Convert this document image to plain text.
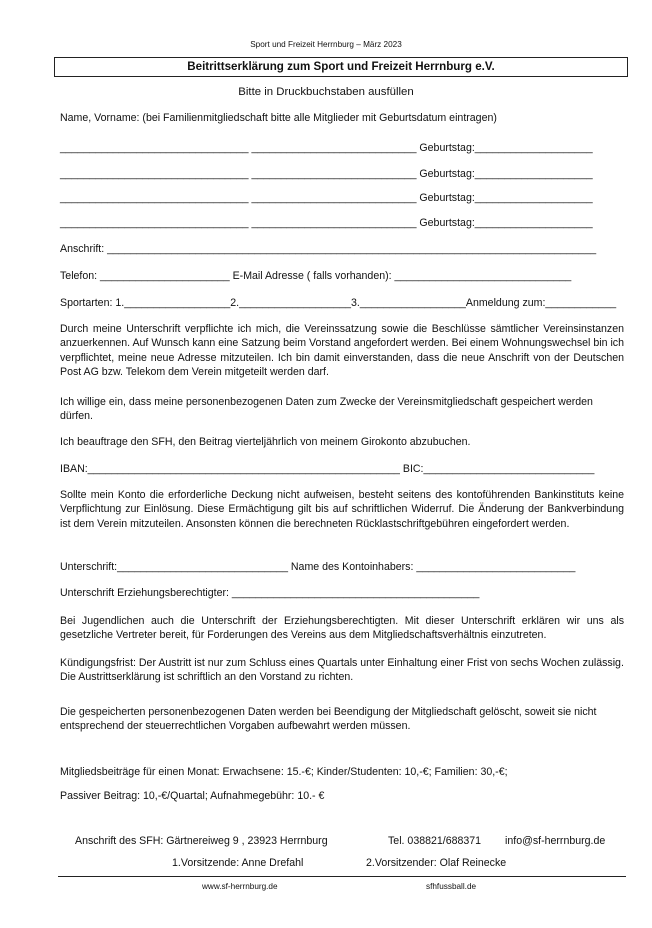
Sport und Freizeit Herrnburg – März 2023
Beitrittserklärung zum Sport und Freizeit Herrnburg e.V.
Bitte in Druckbuchstaben ausfüllen
Name, Vorname: (bei Familienmitgliedschaft bitte alle Mitglieder mit Geburtsdatum eintragen)
________________________________ ____________________________ Geburtstag:____________________
________________________________ ____________________________ Geburtstag:____________________
________________________________ ____________________________ Geburtstag:____________________
________________________________ ____________________________ Geburtstag:____________________
Anschrift: ___________________________________________________________________________________
Telefon: ______________________ E-Mail Adresse ( falls vorhanden): ______________________________
Sportarten: 1.__________________2.___________________3.__________________Anmeldung zum:____________
Durch meine Unterschrift verpflichte ich mich, die Vereinssatzung sowie die Beschlüsse sämtlicher Vereinsinstanzen anzuerkennen. Auf Wunsch kann eine Satzung beim Vorstand angefordert werden. Bei einem Wohnungswechsel bin ich verpflichtet, meine neue Adresse mitzuteilen. Ich bin damit einverstanden, dass die neue Anschrift von der Deutschen Post AG bzw. Telekom dem Verein mitgeteilt werden darf.
Ich willige ein, dass meine personenbezogenen Daten zum Zwecke der Vereinsmitgliedschaft gespeichert werden dürfen.
Ich beauftrage den SFH, den Beitrag vierteljährlich von meinem Girokonto abzubuchen.
IBAN:_____________________________________________________ BIC:_____________________________
Sollte mein Konto die erforderliche Deckung nicht aufweisen, besteht seitens des kontoführenden Bankinstituts keine Verpflichtung zur Einlösung. Diese Ermächtigung gilt bis auf schriftlichen Widerruf. Die Änderung der Bankverbindung ist dem Verein mitzuteilen. Ansonsten können die berechneten Rücklastschriftgebühren eingefordert werden.
Unterschrift:_____________________________ Name des Kontoinhabers: ___________________________
Unterschrift Erziehungsberechtigter: __________________________________________
Bei Jugendlichen auch die Unterschrift der Erziehungsberechtigten. Mit dieser Unterschrift erklären wir uns als gesetzliche Vertreter bereit, für Forderungen des Vereins aus dem Mitgliedschaftsverhältnis einzutreten.
Kündigungsfrist: Der Austritt ist nur zum Schluss eines Quartals unter Einhaltung einer Frist von sechs Wochen zulässig. Die Austrittserklärung ist schriftlich an den Vorstand zu richten.
Die gespeicherten personenbezogenen Daten werden bei Beendigung der Mitgliedschaft gelöscht, soweit sie nicht entsprechend der steuerrechtlichen Vorgaben aufbewahrt werden müssen.
Mitgliedsbeiträge für einen Monat: Erwachsene: 15.-€; Kinder/Studenten: 10,-€; Familien: 30,-€;
Passiver Beitrag: 10,-€/Quartal; Aufnahmegebühr: 10.- €
Anschrift des SFH: Gärtnereiweg 9 , 23923 Herrnburg	Tel. 038821/688371 info@sf-herrnburg.de
1.Vorsitzende: Anne Drefahl	2.Vorsitzender: Olaf Reinecke
www.sf-herrnburg.de	sfhfussball.de
